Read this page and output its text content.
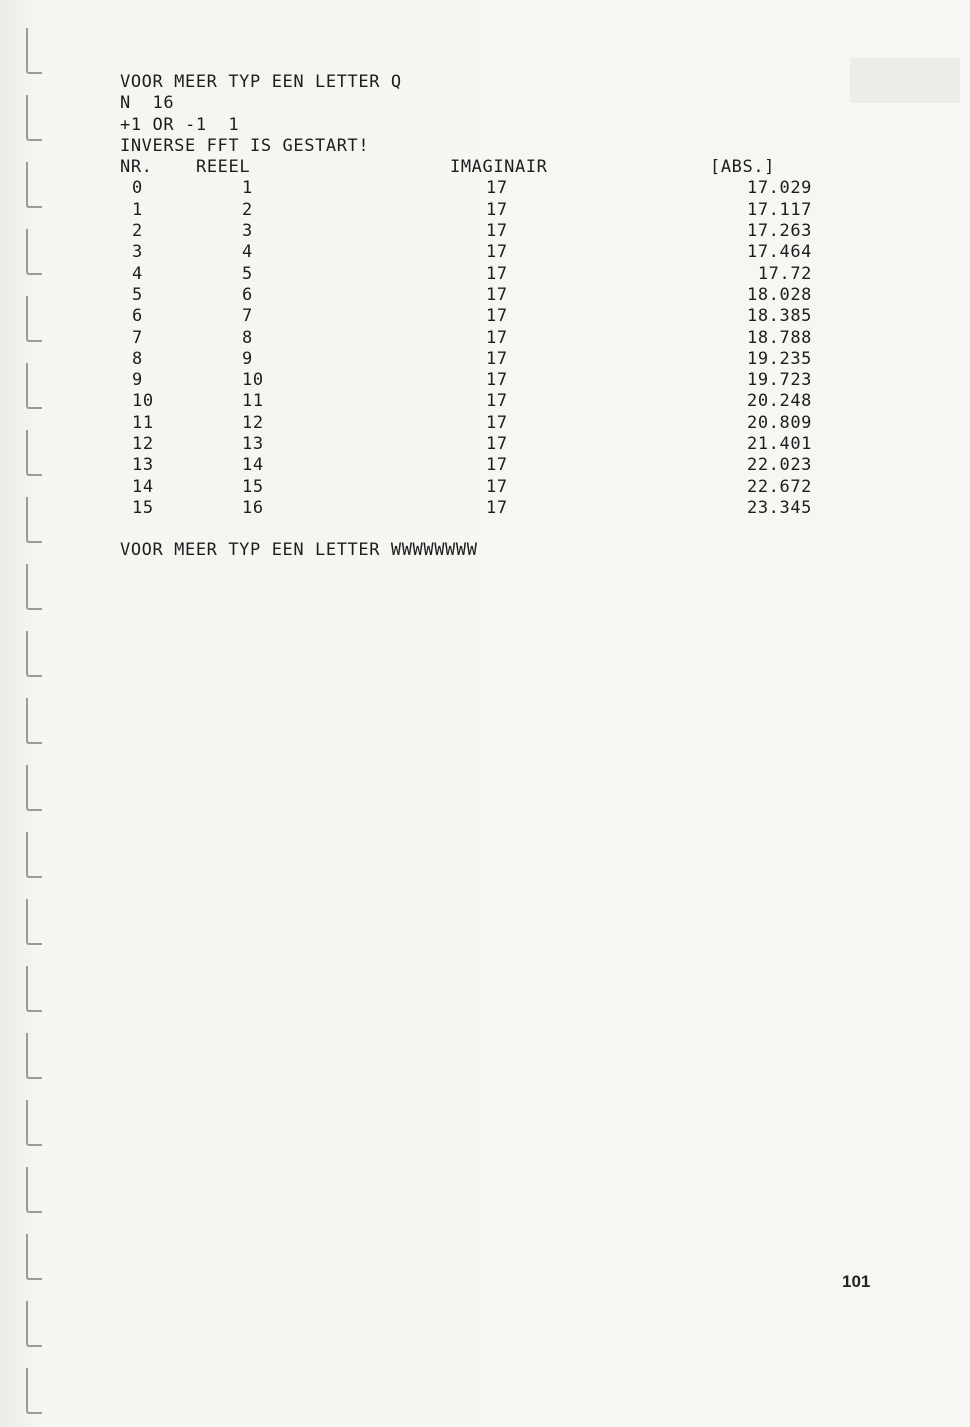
VOOR MEER TYP EEN LETTER Q
N  16
+1 OR -1  1
INVERSE FFT IS GESTART!
NR.	REEEL	IMAGINAIR	[ABS.]
0	1	17	17.029
1	2	17	17.117
2	3	17	17.263
3	4	17	17.464
4	5	17	17.72
5	6	17	18.028
6	7	17	18.385
7	8	17	18.788
8	9	17	19.235
9	10	17	19.723
10	11	17	20.248
11	12	17	20.809
12	13	17	21.401
13	14	17	22.023
14	15	17	22.672
15	16	17	23.345
VOOR MEER TYP EEN LETTER WWWWWWWW
101
